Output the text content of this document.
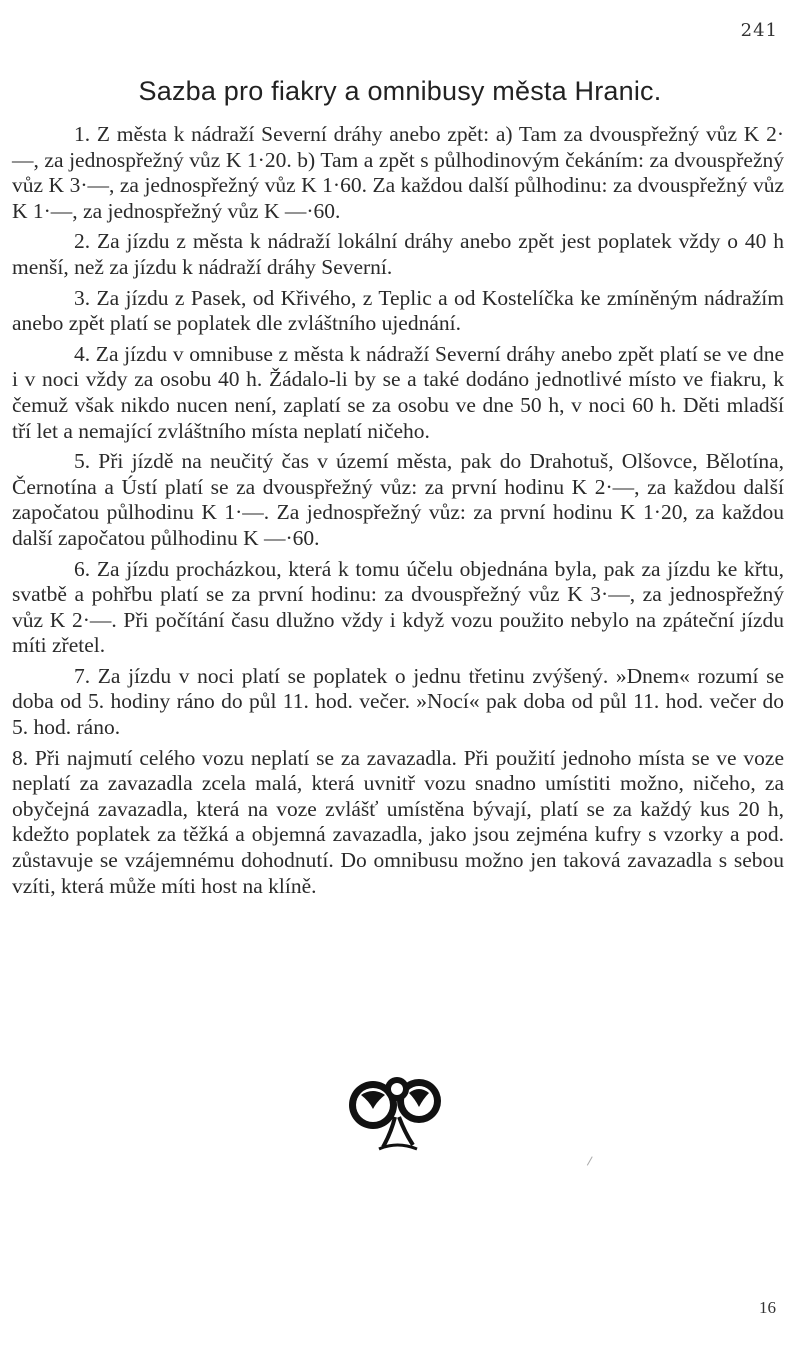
241
Sazba pro fiakry a omnibusy města Hranic.

1. Z města k nádraží Severní dráhy anebo zpět: a) Tam za dvouspřežný vůz K 2·—, za jednospřežný vůz K 1·20. b) Tam a zpět s půlhodinovým čekáním: za dvouspřežný vůz K 3·—, za jednospřežný vůz K 1·60. Za každou další půlhodinu: za dvouspřežný vůz K 1·—, za jednospřežný vůz K —·60.

2. Za jízdu z města k nádraží lokální dráhy anebo zpět jest poplatek vždy o 40 h menší, než za jízdu k nádraží dráhy Severní.

3. Za jízdu z Pasek, od Křivého, z Teplic a od Kostelíčka ke zmíněným nádražím anebo zpět platí se poplatek dle zvláštního ujednání.

4. Za jízdu v omnibuse z města k nádraží Severní dráhy anebo zpět platí se ve dne i v noci vždy za osobu 40 h. Žádalo-li by se a také dodáno jednotlivé místo ve fiakru, k čemuž však nikdo nucen není, zaplatí se za osobu ve dne 50 h, v noci 60 h. Děti mladší tří let a nemající zvláštního místa neplatí ničeho.

5. Při jízdě na neučitý čas v území města, pak do Drahotuš, Olšovce, Bělotína, Černotína a Ústí platí se za dvouspřežný vůz: za první hodinu K 2·—, za každou další započatou půlhodinu K 1·—. Za jednospřežný vůz: za první hodinu K 1·20, za každou další započatou půlhodinu K —·60.

6. Za jízdu procházkou, která k tomu účelu objednána byla, pak za jízdu ke křtu, svatbě a pohřbu platí se za první hodinu: za dvouspřežný vůz K 3·—, za jednospřežný vůz K 2·—. Při počítání času dlužno vždy i když vozu použito nebylo na zpáteční jízdu míti zřetel.

7. Za jízdu v noci platí se poplatek o jednu třetinu zvýšený. »Dnem« rozumí se doba od 5. hodiny ráno do půl 11. hod. večer. »Nocí« pak doba od půl 11. hod. večer do 5. hod. ráno.

8. Při najmutí celého vozu neplatí se za zavazadla. Při použití jednoho místa se ve voze neplatí za zavazadla zcela malá, která uvnitř vozu snadno umístiti možno, ničeho, za obyčejná zavazadla, která na voze zvlášť umístěna bývají, platí se za každý kus 20 h, kdežto poplatek za těžká a objemná zavazadla, jako jsou zejména kufry s vzorky a pod. zůstavuje se vzájemnému dohodnutí. Do omnibusu možno jen taková zavazadla s sebou vzíti, která může míti host na klíně.

16
